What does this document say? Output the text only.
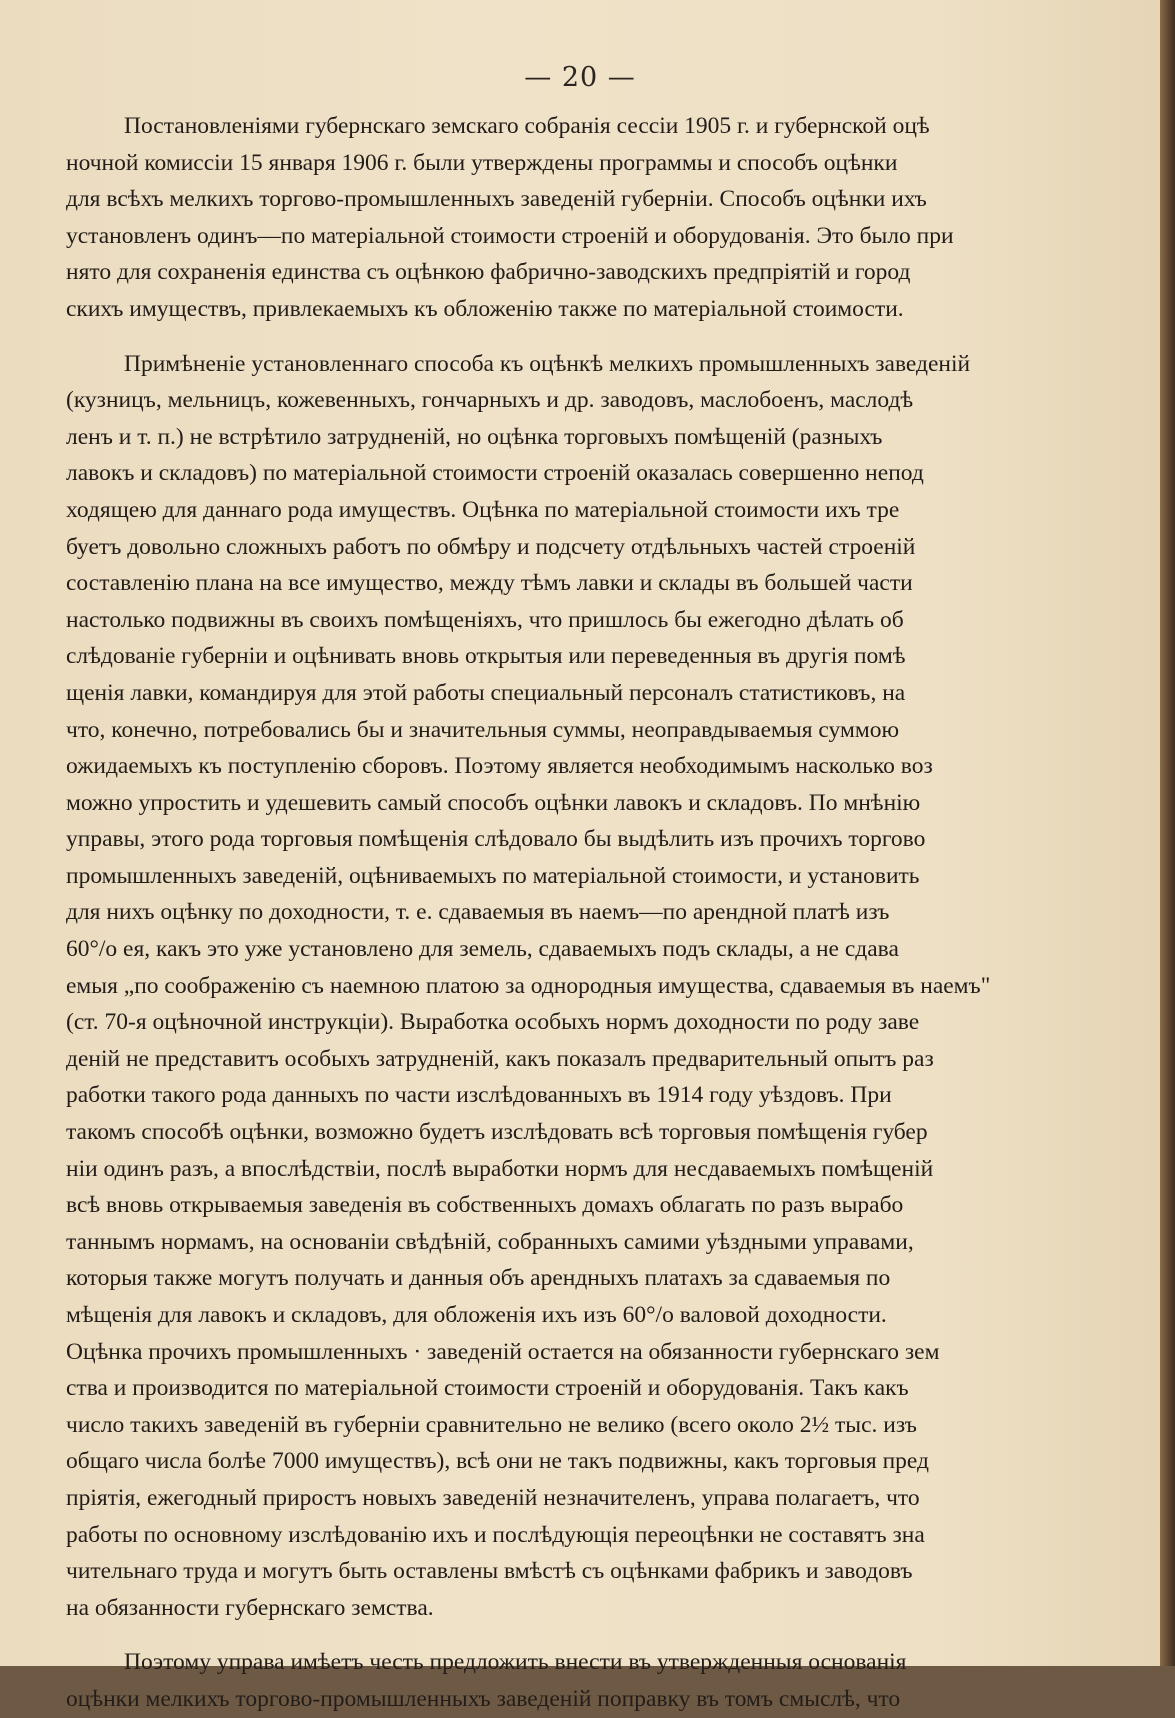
— 20 —
Постановленіями губернскаго земскаго собранія сессіи 1905 г. и губернской оцѣ
ночной комиссіи 15 января 1906 г. были утверждены программы и способъ оцѣнки
для всѣхъ мелкихъ торгово-промышленныхъ заведеній губерніи. Способъ оцѣнки ихъ
установленъ одинъ—по матеріальной стоимости строеній и оборудованія. Это было при
нято для сохраненія единства съ оцѣнкою фабрично-заводскихъ предпріятій и город
скихъ имуществъ, привлекаемыхъ къ обложенію также по матеріальной стоимости.
Примѣненіе установленнаго способа къ оцѣнкѣ мелкихъ промышленныхъ заведеній
(кузницъ, мельницъ, кожевенныхъ, гончарныхъ и др. заводовъ, маслобоенъ, маслодѣ
ленъ и т. п.) не встрѣтило затрудненій, но оцѣнка торговыхъ помѣщеній (разныхъ
лавокъ и складовъ) по матеріальной стоимости строеній оказалась совершенно непод
ходящею для даннаго рода имуществъ. Оцѣнка по матеріальной стоимости ихъ тре
буетъ довольно сложныхъ работъ по обмѣру и подсчету отдѣльныхъ частей строеній
составленію плана на все имущество, между тѣмъ лавки и склады въ большей части
настолько подвижны въ своихъ помѣщеніяхъ, что пришлось бы ежегодно дѣлать об
слѣдованіе губерніи и оцѣнивать вновь открытыя или переведенныя въ другія помѣ
щенія лавки, командируя для этой работы специальный персоналъ статистиковъ, на
что, конечно, потребовались бы и значительныя суммы, неоправдываемыя суммою
ожидаемыхъ къ поступленію сборовъ. Поэтому является необходимымъ насколько воз
можно упростить и удешевить самый способъ оцѣнки лавокъ и складовъ. По мнѣнію
управы, этого рода торговыя помѣщенія слѣдовало бы выдѣлить изъ прочихъ торгово
промышленныхъ заведеній, оцѣниваемыхъ по матеріальной стоимости, и установить
для нихъ оцѣнку по доходности, т. е. сдаваемыя въ наемъ—по арендной платѣ изъ
60°/о ея, какъ это уже установлено для земель, сдаваемыхъ подъ склады, а не сдава
емыя „по соображенію съ наемною платою за однородныя имущества, сдаваемыя въ наемъ"
(ст. 70-я оцѣночной инструкціи). Выработка особыхъ нормъ доходности по роду заве
деній не представитъ особыхъ затрудненій, какъ показалъ предварительный опытъ раз
работки такого рода данныхъ по части изслѣдованныхъ въ 1914 году уѣздовъ. При
такомъ способѣ оцѣнки, возможно будетъ изслѣдовать всѣ торговыя помѣщенія губер
ніи одинъ разъ, а впослѣдствіи, послѣ выработки нормъ для несдаваемыхъ помѣщеній
всѣ вновь открываемыя заведенія въ собственныхъ домахъ облагать по разъ вырабо
таннымъ нормамъ, на основаніи свѣдѣній, собранныхъ самими уѣздными управами,
которыя также могутъ получать и данныя объ арендныхъ платахъ за сдаваемыя по
мѣщенія для лавокъ и складовъ, для обложенія ихъ изъ 60°/о валовой доходности.
Оцѣнка прочихъ промышленныхъ · заведеній остается на обязанности губернскаго зем
ства и производится по матеріальной стоимости строеній и оборудованія. Такъ какъ
число такихъ заведеній въ губерніи сравнительно не велико (всего около 2½ тыс. изъ
общаго числа болѣе 7000 имуществъ), всѣ они не такъ подвижны, какъ торговыя пред
пріятія, ежегодный приростъ новыхъ заведеній незначителенъ, управа полагаетъ, что
работы по основному изслѣдованію ихъ и послѣдующія переоцѣнки не составятъ зна
чительнаго труда и могутъ быть оставлены вмѣстѣ съ оцѣнками фабрикъ и заводовъ
на обязанности губернскаго земства.
Поэтому управа имѣетъ честь предложить внести въ утвержденныя основанія
оцѣнки мелкихъ торгово-промышленныхъ заведеній поправку въ томъ смыслѣ, что
